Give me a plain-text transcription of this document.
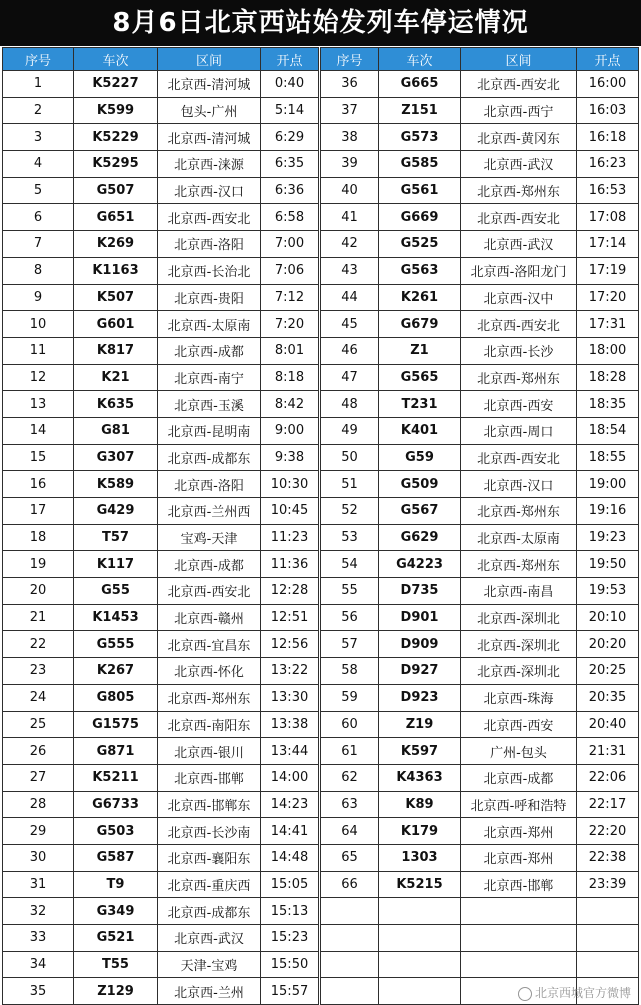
8月6日北京西站始发列车停运情况
序号	车次	区间	开点
1	K5227	北京西-清河城	0:40
2	K599	包头-广州	5:14
3	K5229	北京西-清河城	6:29
4	K5295	北京西-涞源	6:35
5	G507	北京西-汉口	6:36
6	G651	北京西-西安北	6:58
7	K269	北京西-洛阳	7:00
8	K1163	北京西-长治北	7:06
9	K507	北京西-贵阳	7:12
10	G601	北京西-太原南	7:20
11	K817	北京西-成都	8:01
12	K21	北京西-南宁	8:18
13	K635	北京西-玉溪	8:42
14	G81	北京西-昆明南	9:00
15	G307	北京西-成都东	9:38
16	K589	北京西-洛阳	10:30
17	G429	北京西-兰州西	10:45
18	T57	宝鸡-天津	11:23
19	K117	北京西-成都	11:36
20	G55	北京西-西安北	12:28
21	K1453	北京西-赣州	12:51
22	G555	北京西-宜昌东	12:56
23	K267	北京西-怀化	13:22
24	G805	北京西-郑州东	13:30
25	G1575	北京西-南阳东	13:38
26	G871	北京西-银川	13:44
27	K5211	北京西-邯郸	14:00
28	G6733	北京西-邯郸东	14:23
29	G503	北京西-长沙南	14:41
30	G587	北京西-襄阳东	14:48
31	T9	北京西-重庆西	15:05
32	G349	北京西-成都东	15:13
33	G521	北京西-武汉	15:23
34	T55	天津-宝鸡	15:50
35	Z129	北京西-兰州	15:57
序号	车次	区间	开点
36	G665	北京西-西安北	16:00
37	Z151	北京西-西宁	16:03
38	G573	北京西-黄冈东	16:18
39	G585	北京西-武汉	16:23
40	G561	北京西-郑州东	16:53
41	G669	北京西-西安北	17:08
42	G525	北京西-武汉	17:14
43	G563	北京西-洛阳龙门	17:19
44	K261	北京西-汉中	17:20
45	G679	北京西-西安北	17:31
46	Z1	北京西-长沙	18:00
47	G565	北京西-郑州东	18:28
48	T231	北京西-西安	18:35
49	K401	北京西-周口	18:54
50	G59	北京西-西安北	18:55
51	G509	北京西-汉口	19:00
52	G567	北京西-郑州东	19:16
53	G629	北京西-太原南	19:23
54	G4223	北京西-郑州东	19:50
55	D735	北京西-南昌	19:53
56	D901	北京西-深圳北	20:10
57	D909	北京西-深圳北	20:20
58	D927	北京西-深圳北	20:25
59	D923	北京西-珠海	20:35
60	Z19	北京西-西安	20:40
61	K597	广州-包头	21:31
62	K4363	北京西-成都	22:06
63	K89	北京西-呼和浩特	22:17
64	K179	北京西-郑州	22:20
65	1303	北京西-郑州	22:38
66	K5215	北京西-邯郸	23:39

北京西城官方微博
